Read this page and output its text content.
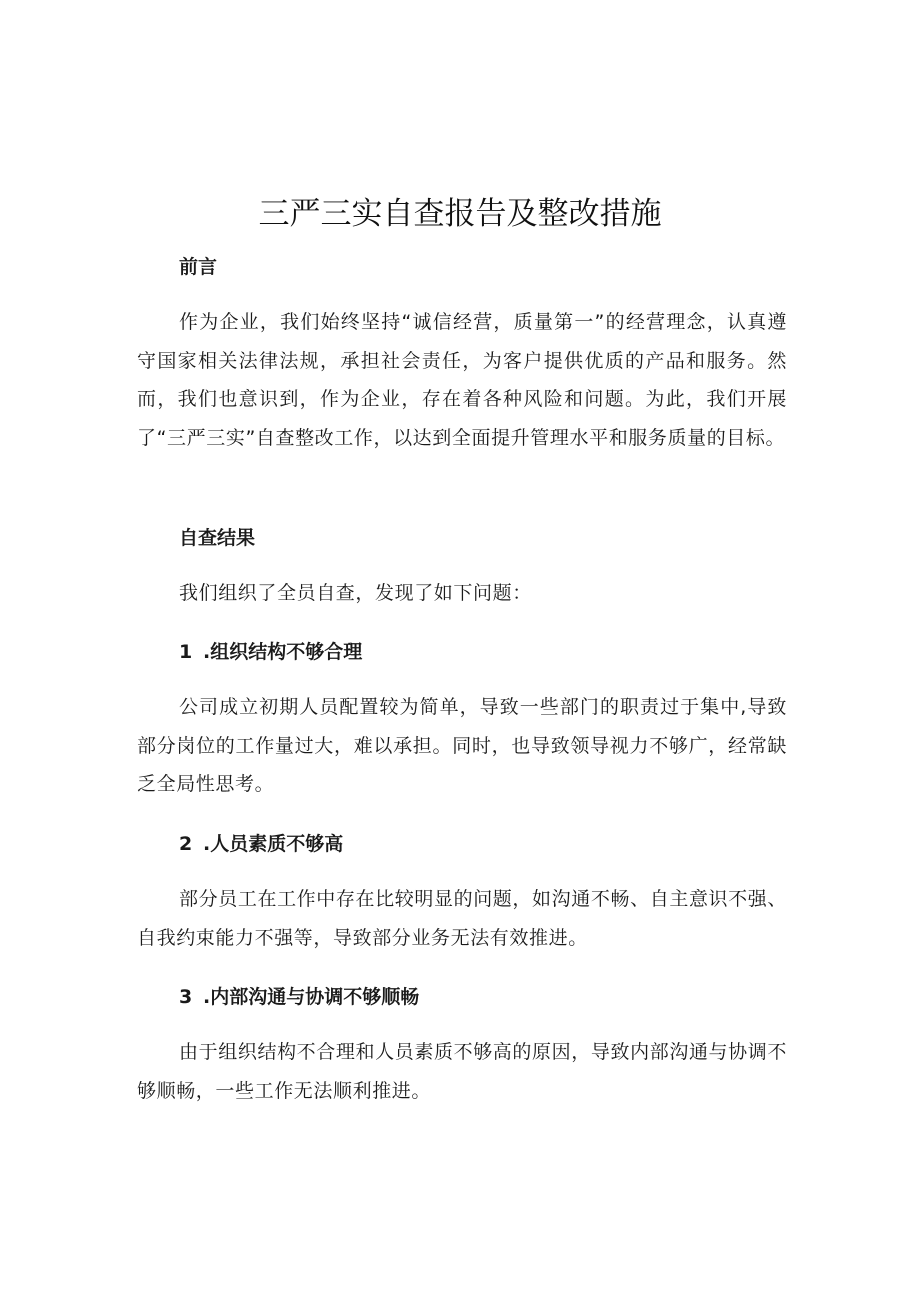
三严三实自查报告及整改措施
前言
作为企业，我们始终坚持“诚信经营，质量第一”的经营理念，认真遵守国家相关法律法规，承担社会责任，为客户提供优质的产品和服务。然而，我们也意识到，作为企业，存在着各种风险和问题。为此，我们开展了“三严三实”自查整改工作，以达到全面提升管理水平和服务质量的目标。
自查结果
我们组织了全员自查，发现了如下问题：
1 .组织结构不够合理
公司成立初期人员配置较为简单，导致一些部门的职责过于集中,导致部分岗位的工作量过大，难以承担。同时，也导致领导视力不够广，经常缺乏全局性思考。
2 .人员素质不够高
部分员工在工作中存在比较明显的问题，如沟通不畅、自主意识不强、自我约束能力不强等，导致部分业务无法有效推进。
3 .内部沟通与协调不够顺畅
由于组织结构不合理和人员素质不够高的原因，导致内部沟通与协调不够顺畅，一些工作无法顺利推进。
